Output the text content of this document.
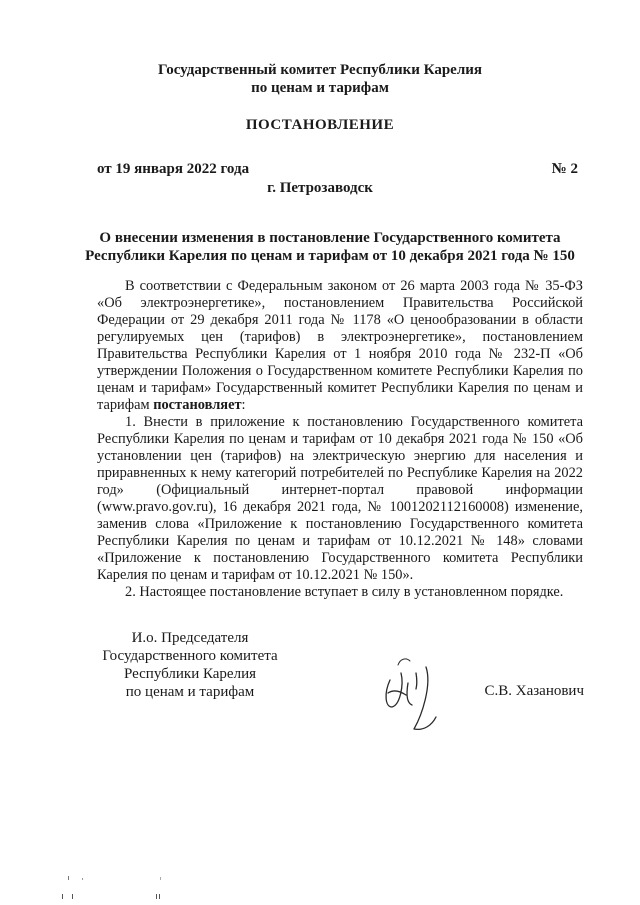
Государственный комитет Республики Карелия
по ценам и тарифам
ПОСТАНОВЛЕНИЕ
от 19 января 2022 года	№ 2
г. Петрозаводск
О внесении изменения в постановление Государственного комитета Республики Карелия по ценам и тарифам от 10 декабря 2021 года № 150

В соответствии с Федеральным законом от 26 марта 2003 года № 35-ФЗ «Об электроэнергетике», постановлением Правительства Российской Федерации от 29 декабря 2011 года № 1178 «О ценообразовании в области регулируемых цен (тарифов) в электроэнергетике», постановлением Правительства Республики Карелия от 1 ноября 2010 года № 232-П «Об утверждении Положения о Государственном комитете Республики Карелия по ценам и тарифам» Государственный комитет Республики Карелия по ценам и тарифам постановляет:

1. Внести в приложение к постановлению Государственного комитета Республики Карелия по ценам и тарифам от 10 декабря 2021 года № 150 «Об установлении цен (тарифов) на электрическую энергию для населения и приравненных к нему категорий потребителей по Республике Карелия на 2022 год» (Официальный интернет-портал правовой информации (www.pravo.gov.ru), 16 декабря 2021 года, № 1001202112160008) изменение, заменив слова «Приложение к постановлению Государственного комитета Республики Карелия по ценам и тарифам от 10.12.2021 № 148» словами «Приложение к постановлению Государственного комитета Республики Карелия по ценам и тарифам от 10.12.2021 № 150».

2. Настоящее постановление вступает в силу в установленном порядке.

И.о. Председателя
Государственного комитета
Республики Карелия
по ценам и тарифам	С.В. Хазанович
